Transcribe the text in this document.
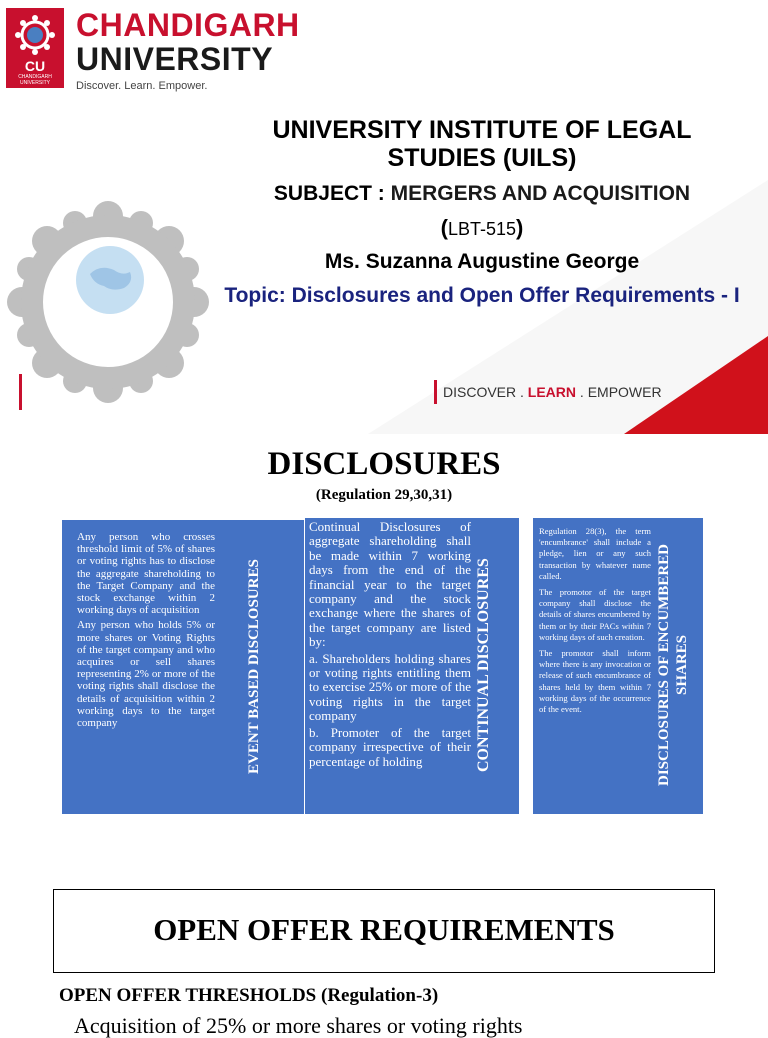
CU
CHANDIGARH UNIVERSITY
CHANDIGARH
UNIVERSITY
Discover. Learn. Empower.
UNIVERSITY INSTITUTE OF LEGAL STUDIES (UILS)
SUBJECT : MERGERS AND ACQUISITION
(LBT-515)
Ms. Suzanna Augustine George
Topic: Disclosures and Open Offer Requirements - I
DISCOVER . LEARN . EMPOWER
DISCLOSURES
(Regulation 29,30,31)

Any person who crosses threshold limit of 5% of shares or voting rights has to disclose the aggregate shareholding to the Target Company and the stock exchange within 2 working days of acquisition

Any person who holds 5% or more shares or Voting Rights of the target company and who acquires or sell shares representing 2% or more of the voting rights shall disclose the details of acquisition within 2 working days to the target company	EVENT BASED DISCLOSURES

Continual Disclosures of aggregate shareholding shall be made within 7 working days from the end of the financial year to the target company and the stock exchange where the shares of the target company are listed by:

a. Shareholders holding shares or voting rights entitling them to exercise 25% or more of the voting rights in the target company

b. Promoter of the target company irrespective of their percentage of holding	CONTINUAL DISCLOSURES

Regulation 28(3), the term 'encumbrance' shall include a pledge, lien or any such transaction by whatever name called.

The promotor of the target company shall disclose the details of shares encumbered by them or by their PACs within 7 working days of such creation.

The promotor shall inform where there is any invocation or release of such encumbrance of shares held by them within 7 working days of the occurrence of the event.	DISCLOSURES OF ENCUMBERED SHARES
OPEN OFFER REQUIREMENTS
OPEN OFFER THRESHOLDS (Regulation-3)
Acquisition of 25% or more shares or voting rights
